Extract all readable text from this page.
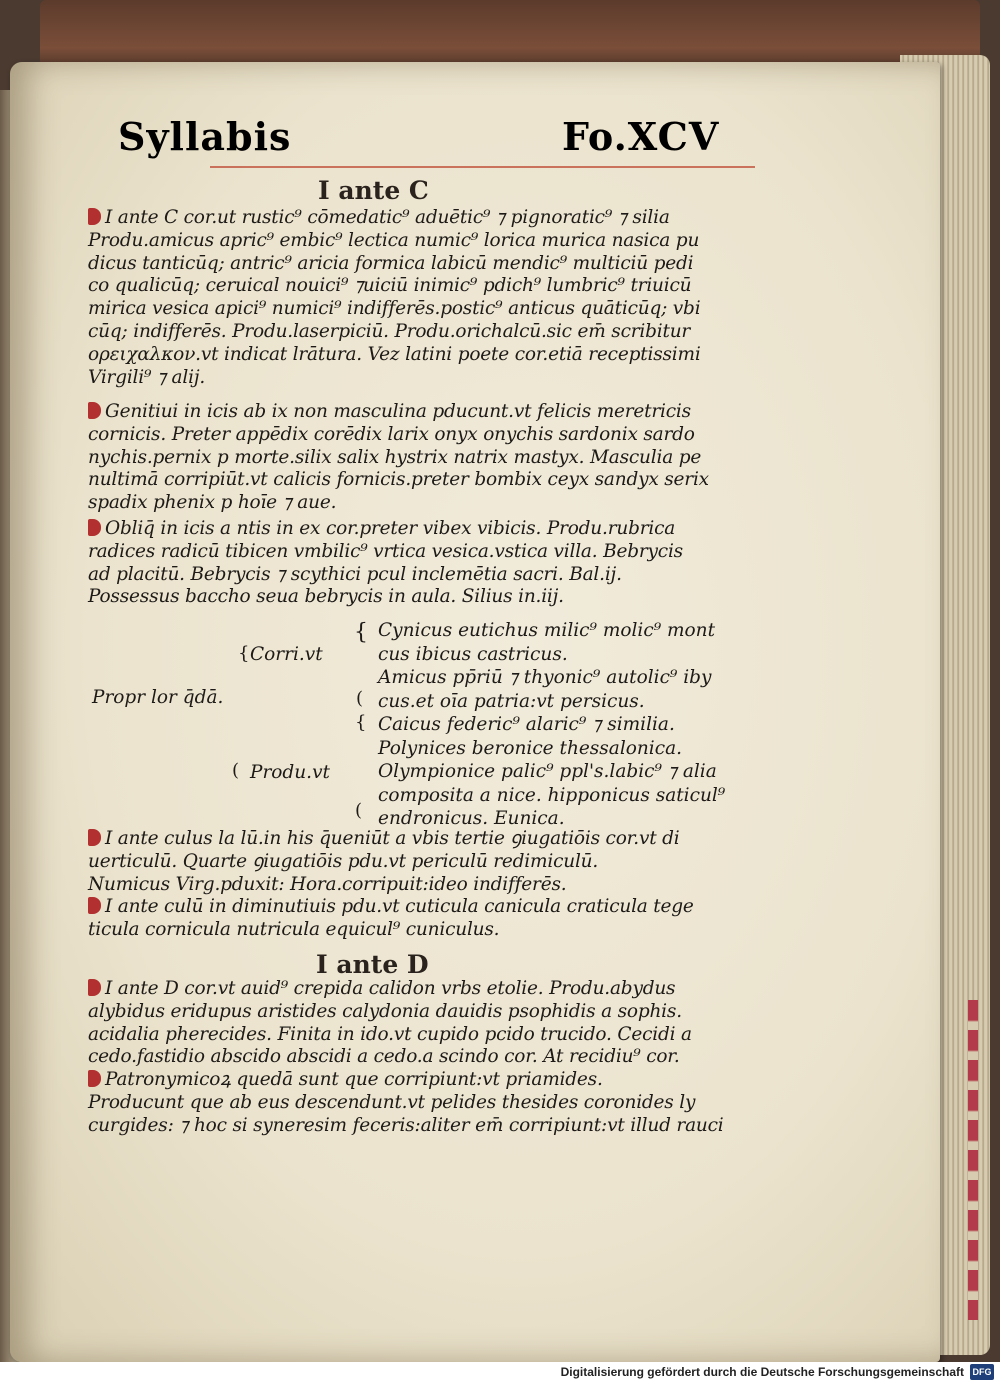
Syllabis	Fo.XCV
I ante C
I ante C cor.ut rustic⁹ cōmedatic⁹ aduētic⁹ ⁊ pignoratic⁹ ⁊ silia
Produ.amicus apric⁹ embic⁹ lectica numic⁹ lorica murica nasica pu
dicus tanticūq; antric⁹ aricia formica labicū mendic⁹ multiciū pedi
co qualicūq; ceruical nouici⁹ ⁊uiciū inimic⁹ pdich⁹ lumbric⁹ triuicū
mirica vesica apici⁹ numici⁹ indifferēs.postic⁹ anticus quāticūq; vbi
cūq; indifferēs. Produ.laserpiciū. Produ.orichalcū.sic em̄ scribitur
ορειχαλκον.vt indicat lrātura. Vez latini poete cor.etiā receptissimi
Virgili⁹ ⁊ alij.
Genitiui in icis ab ix non masculina pducunt.vt felicis meretricis
cornicis. Preter appēdix corēdix larix onyx onychis sardonix sardo
nychis.pernix p morte.silix salix hystrix natrix mastyx. Masculia pe
nultimā corripiūt.vt calicis fornicis.preter bombix ceyx sandyx serix
spadix phenix p hoīe ⁊ aue.
Obliq̄ in icis a ntis in ex cor.preter vibex vibicis. Produ.rubrica
radices radicū tibicen vmbilic⁹ vrtica vesica.vstica villa. Bebrycis
ad placitū. Bebrycis ⁊ scythici pcul inclemētia sacri. Bal.ij.
Possessus baccho seua bebrycis in aula. Silius in.iij.
Corri.vt
Propr lor q̄dā.
Produ.vt
{
{
(
(
{
(
Cynicus eutichus milic⁹ molic⁹ mont
cus ibicus castricus.
Amicus pp̄riū ⁊ thyonic⁹ autolic⁹ iby
cus.et oīa patria:vt persicus.
Caicus federic⁹ alaric⁹ ⁊ similia.
Polynices beronice thessalonica.
Olympionice palic⁹ ppl's.labic⁹ ⁊ alia
composita a nice. hipponicus saticul⁹
endronicus. Eunica.
I ante culus la lū.in his q̄ueniūt a vbis tertie ꝯiugatiōis cor.vt di
uerticulū. Quarte ꝯiugatiōis pdu.vt periculū redimiculū.
Numicus Virg.pduxit: Hora.corripuit:ideo indifferēs.
I ante culū in diminutiuis pdu.vt cuticula canicula craticula tege
ticula cornicula nutricula equicul⁹ cuniculus.
I ante D
I ante D cor.vt auid⁹ crepida calidon vrbs etolie. Produ.abydus
alybidus eridupus aristides calydonia dauidis psophidis a sophis.
acidalia pherecides. Finita in ido.vt cupido pcido trucido. Cecidi a
cedo.fastidio abscido abscidi a cedo.a scindo cor. At recidiu⁹ cor.
Patronymicoꝝ quedā sunt que corripiunt:vt priamides.
Producunt que ab eus descendunt.vt pelides thesides coronides ly
curgides: ⁊ hoc si syneresim feceris:aliter em̄ corripiunt:vt illud rauci
Digitalisierung gefördert durch die Deutsche Forschungsgemeinschaft DFG
